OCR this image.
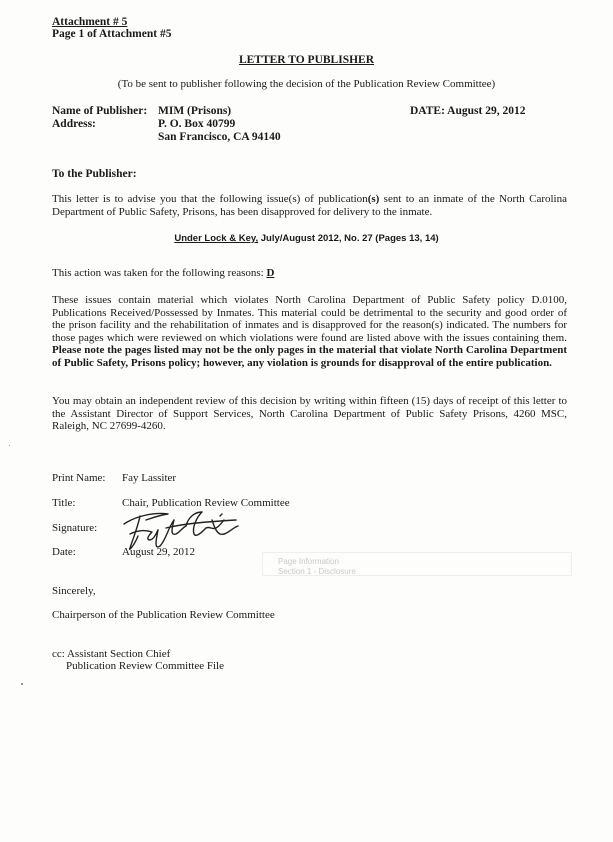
Attachment # 5
Page 1 of Attachment #5
LETTER TO PUBLISHER
(To be sent to publisher following the decision of the Publication Review Committee)
Name of Publisher:
Address:
MIM (Prisons)
P. O. Box 40799
San Francisco, CA 94140
DATE: August 29, 2012
To the Publisher:
This letter is to advise you that the following issue(s) of publication(s) sent to an inmate of the North Carolina Department of Public Safety, Prisons, has been disapproved for delivery to the inmate.
Under Lock & Key, July/August 2012, No. 27 (Pages 13, 14)
This action was taken for the following reasons: D
These issues contain material which violates North Carolina Department of Public Safety policy D.0100, Publications Received/Possessed by Inmates. This material could be detrimental to the security and good order of the prison facility and the rehabilitation of inmates and is disapproved for the reason(s) indicated. The numbers for those pages which were reviewed on which violations were found are listed above with the issues containing them. Please note the pages listed may not be the only pages in the material that violate North Carolina Department of Public Safety, Prisons policy; however, any violation is grounds for disapproval of the entire publication.
You may obtain an independent review of this decision by writing within fifteen (15) days of receipt of this letter to the Assistant Director of Support Services, North Carolina Department of Public Safety Prisons, 4260 MSC, Raleigh, NC 27699-4260.
Print Name: Fay Lassiter
Title:	Chair, Publication Review Committee
Signature:
Date:	August 29, 2012
Page Information
Section 1 - Disclosure
Sincerely,
Chairperson of the Publication Review Committee
cc: Assistant Section Chief
Publication Review Committee File
